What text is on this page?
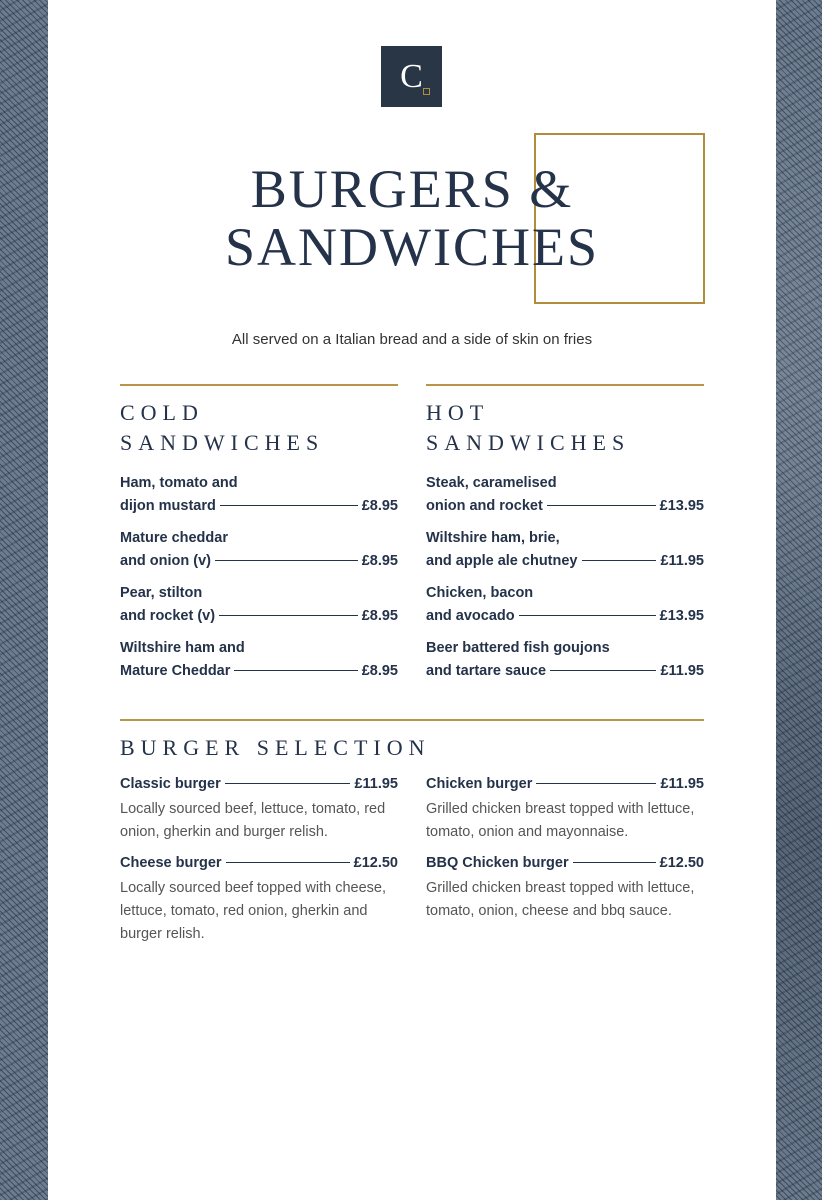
C
BURGERS &
SANDWICHES

All served on a Italian bread and a side of skin on fries

COLD
SANDWICHES
Ham, tomato and
dijon mustard	£8.95
Mature cheddar
and onion (v)	£8.95
Pear, stilton
and rocket (v)	£8.95
Wiltshire ham and
Mature Cheddar	£8.95
HOT
SANDWICHES
Steak, caramelised
onion and rocket	£13.95
Wiltshire ham, brie,
and apple ale chutney	£11.95
Chicken, bacon
and avocado	£13.95
Beer battered fish goujons
and tartare sauce	£11.95
BURGER SELECTION
Classic burger	£11.95

Locally sourced beef, lettuce, tomato, red onion, gherkin and burger relish.

Cheese burger	£12.50

Locally sourced beef topped with cheese, lettuce, tomato, red onion, gherkin and burger relish.

Chicken burger	£11.95

Grilled chicken breast topped with lettuce, tomato, onion and mayonnaise.

BBQ Chicken burger	£12.50

Grilled chicken breast topped with lettuce, tomato, onion, cheese and bbq sauce.
